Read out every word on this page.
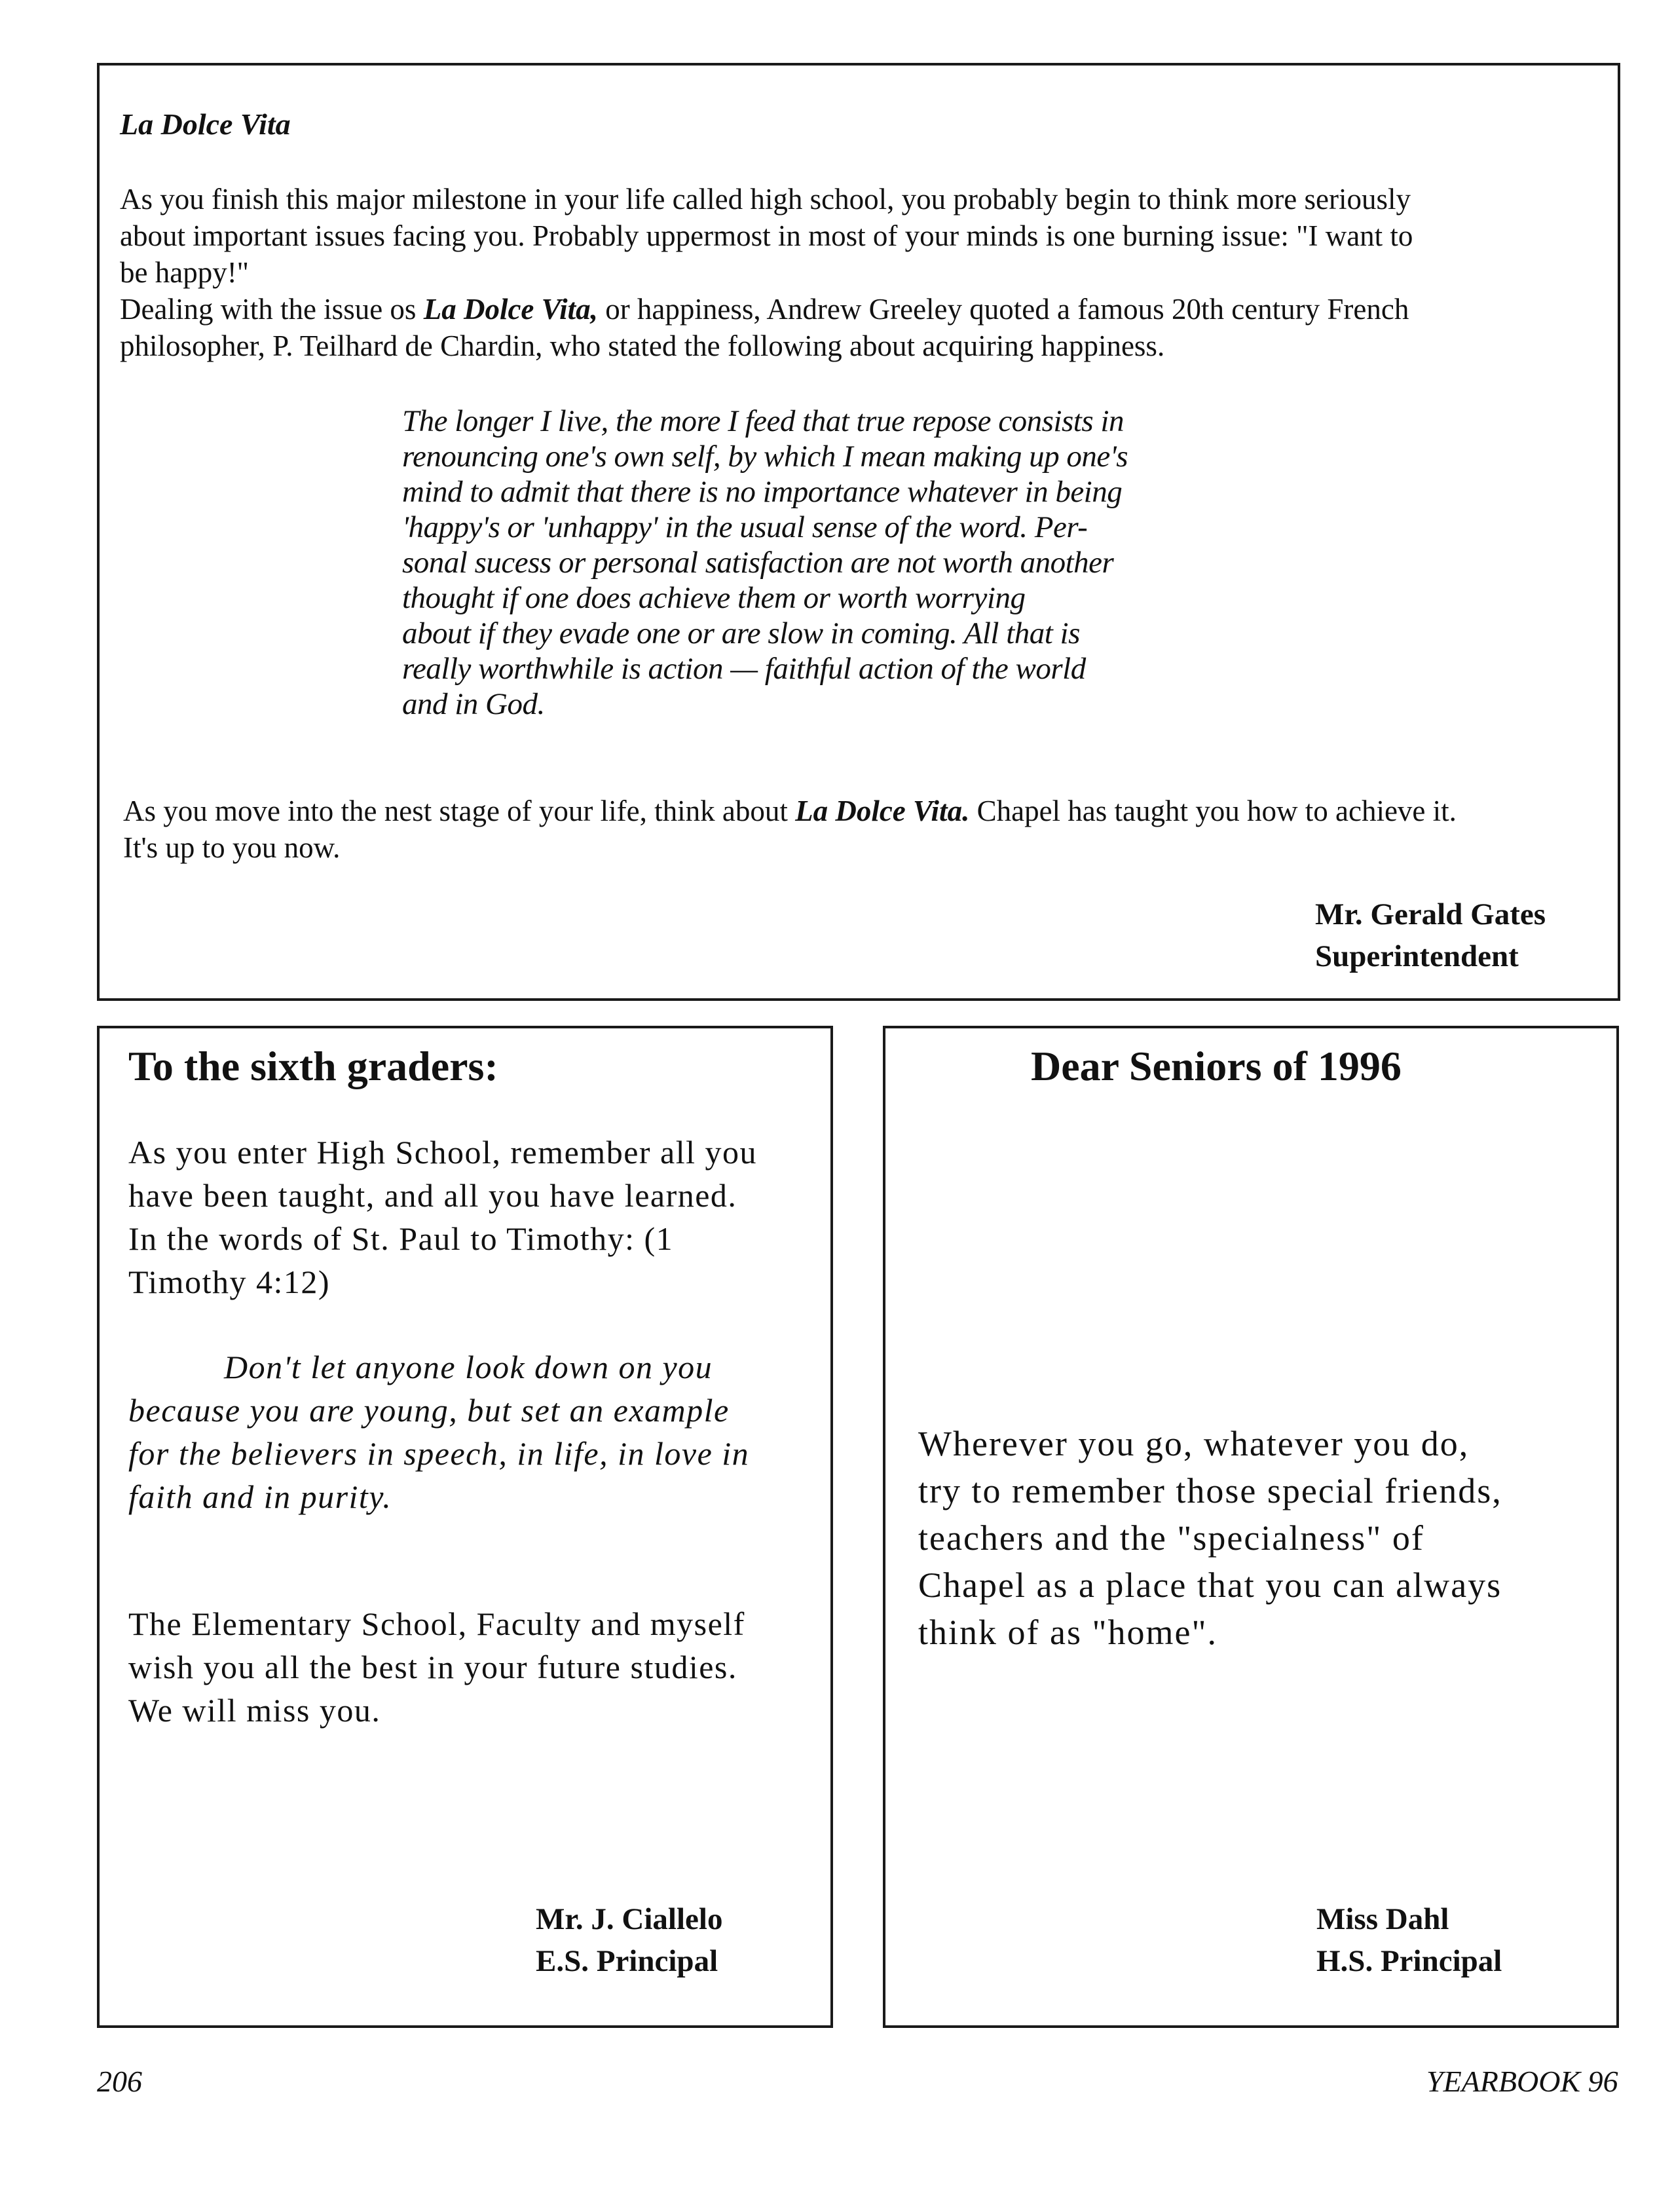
La Dolce Vita

As you finish this major milestone in your life called high school, you probably begin to think more seriously

about important issues facing you. Probably uppermost in most of your minds is one burning issue: "I want to

be happy!"

Dealing with the issue os La Dolce Vita, or happiness, Andrew Greeley quoted a famous 20th century French

philosopher, P. Teilhard de Chardin, who stated the following about acquiring happiness.

The longer I live, the more I feed that true repose consists in

renouncing one's own self, by which I mean making up one's

mind to admit that there is no importance whatever in being

'happy's or 'unhappy' in the usual sense of the word. Per-

sonal sucess or personal satisfaction are not worth another

thought if one does achieve them or worth worrying

about if they evade one or are slow in coming. All that is

really worthwhile is action — faithful action of the world

and in God.

As you move into the nest stage of your life, think about La Dolce Vita. Chapel has taught you how to achieve it.

It's up to you now.

Mr. Gerald Gates

Superintendent

To the sixth graders:

As you enter High School, remember all you

have been taught, and all you have learned.

In the words of St. Paul to Timothy: (1

Timothy 4:12)

Don't let anyone look down on you

because you are young, but set an example

for the believers in speech, in life, in love in

faith and in purity.

The Elementary School, Faculty and myself

wish you all the best in your future studies.

We will miss you.

Mr. J. Ciallelo

E.S. Principal

Dear Seniors of 1996

Wherever you go, whatever you do,

try to remember those special friends,

teachers and the "specialness" of

Chapel as a place that you can always

think of as "home".

Miss Dahl

H.S. Principal

206	YEARBOOK 96
